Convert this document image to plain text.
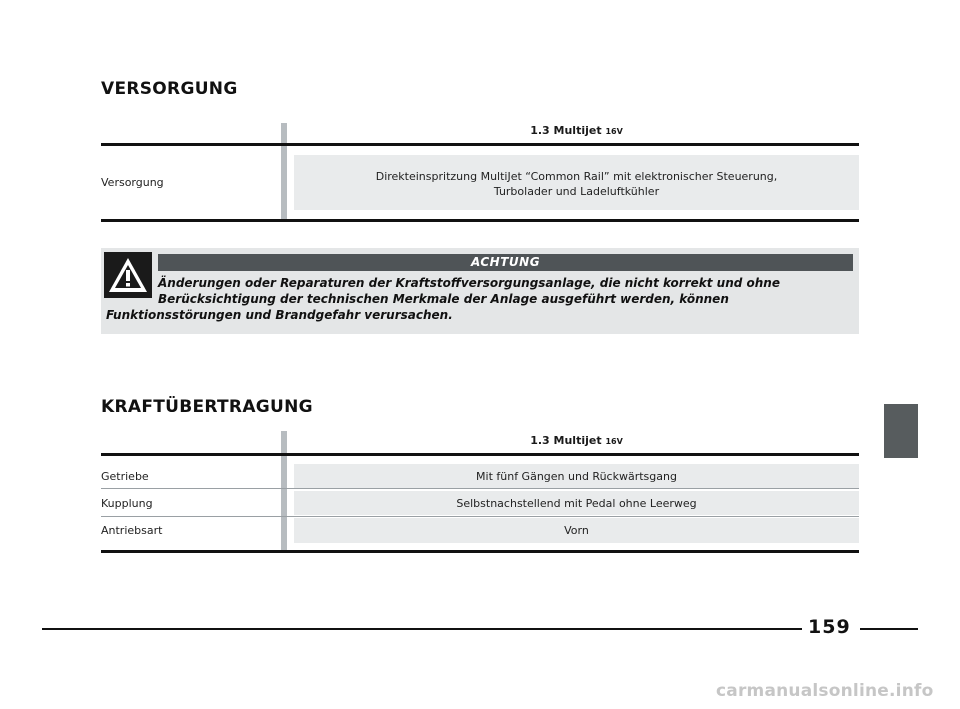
VERSORGUNG
1.3 Multijet 16V
Versorgung	Direkteinspritzung MultiJet “Common Rail” mit elektronischer Steuerung,
Turbolader und Ladeluftkühler
ACHTUNG
Änderungen oder Reparaturen der Kraftstoffversorgungsanlage, die nicht korrekt und ohne
Berücksichtigung der technischen Merkmale der Anlage ausgeführt werden, können
Funktionsstörungen und Brandgefahr verursachen.
KRAFTÜBERTRAGUNG
1.3 Multijet 16V
Getriebe	Mit fünf Gängen und Rückwärtsgang
Kupplung	Selbstnachstellend mit Pedal ohne Leerweg
Antriebsart	Vorn
159
carmanualsonline.info
